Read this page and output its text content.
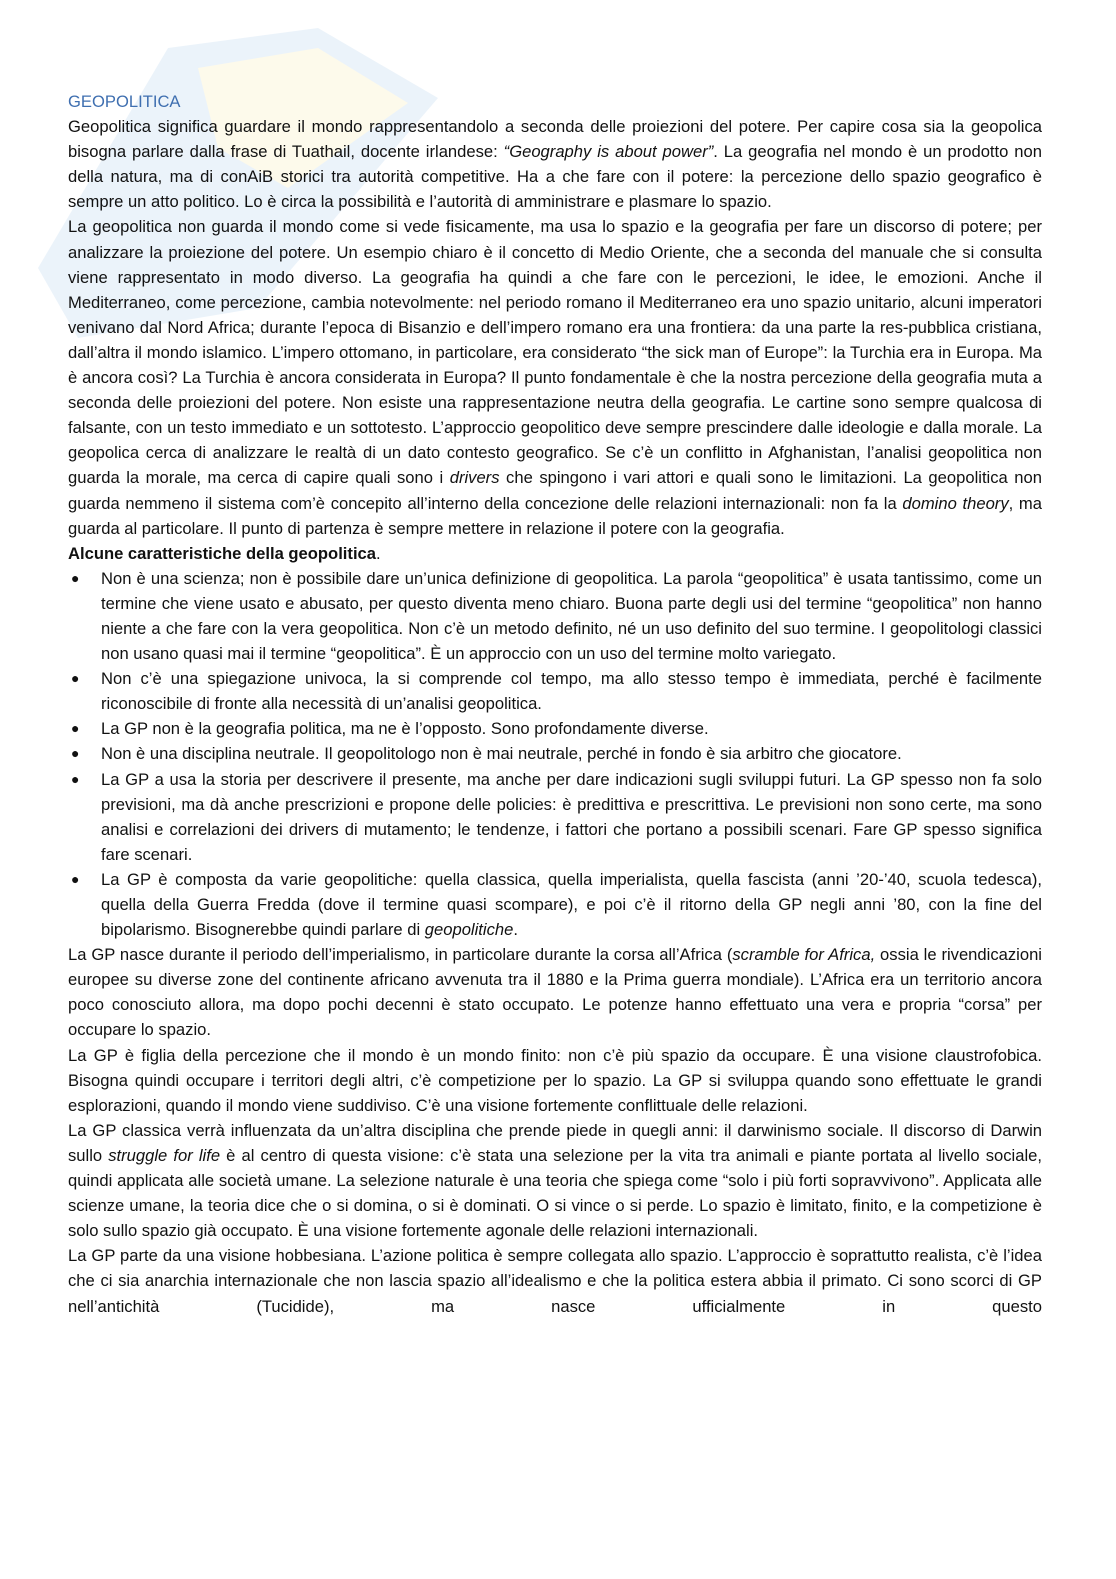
GEOPOLITICA

Geopolitica significa guardare il mondo rappresentandolo a seconda delle proiezioni del potere. Per capire cosa sia la geopolica bisogna parlare dalla frase di Tuathail, docente irlandese: “Geography is about power”. La geografia nel mondo è un prodotto non della natura, ma di conAiB storici tra autorità competitive. Ha a che fare con il potere: la percezione dello spazio geografico è sempre un atto politico. Lo è circa la possibilità e l’autorità di amministrare e plasmare lo spazio.

La geopolitica non guarda il mondo come si vede fisicamente, ma usa lo spazio e la geografia per fare un discorso di potere; per analizzare la proiezione del potere. Un esempio chiaro è il concetto di Medio Oriente, che a seconda del manuale che si consulta viene rappresentato in modo diverso. La geografia ha quindi a che fare con le percezioni, le idee, le emozioni. Anche il Mediterraneo, come percezione, cambia notevolmente: nel periodo romano il Mediterraneo era uno spazio unitario, alcuni imperatori venivano dal Nord Africa; durante l’epoca di Bisanzio e dell’impero romano era una frontiera: da una parte la res-pubblica cristiana, dall’altra il mondo islamico. L’impero ottomano, in particolare, era considerato “the sick man of Europe”: la Turchia era in Europa. Ma è ancora così? La Turchia è ancora considerata in Europa? Il punto fondamentale è che la nostra percezione della geografia muta a seconda delle proiezioni del potere. Non esiste una rappresentazione neutra della geografia. Le cartine sono sempre qualcosa di falsante, con un testo immediato e un sottotesto. L’approccio geopolitico deve sempre prescindere dalle ideologie e dalla morale. La geopolica cerca di analizzare le realtà di un dato contesto geografico. Se c’è un conflitto in Afghanistan, l’analisi geopolitica non guarda la morale, ma cerca di capire quali sono i drivers che spingono i vari attori e quali sono le limitazioni. La geopolitica non guarda nemmeno il sistema com’è concepito all’interno della concezione delle relazioni internazionali: non fa la domino theory, ma guarda al particolare. Il punto di partenza è sempre mettere in relazione il potere con la geografia.

Alcune caratteristiche della geopolitica.

● Non è una scienza; non è possibile dare un’unica definizione di geopolitica. La parola “geopolitica” è usata tantissimo, come un termine che viene usato e abusato, per questo diventa meno chiaro. Buona parte degli usi del termine “geopolitica” non hanno niente a che fare con la vera geopolitica. Non c’è un metodo definito, né un uso definito del suo termine. I geopolitologi classici non usano quasi mai il termine “geopolitica”. È un approccio con un uso del termine molto variegato.
● Non c’è una spiegazione univoca, la si comprende col tempo, ma allo stesso tempo è immediata, perché è facilmente riconoscibile di fronte alla necessità di un’analisi geopolitica.
● La GP non è la geografia politica, ma ne è l’opposto. Sono profondamente diverse.
● Non è una disciplina neutrale. Il geopolitologo non è mai neutrale, perché in fondo è sia arbitro che giocatore.
● La GP a usa la storia per descrivere il presente, ma anche per dare indicazioni sugli sviluppi futuri. La GP spesso non fa solo previsioni, ma dà anche prescrizioni e propone delle policies: è predittiva e prescrittiva. Le previsioni non sono certe, ma sono analisi e correlazioni dei drivers di mutamento; le tendenze, i fattori che portano a possibili scenari. Fare GP spesso significa fare scenari.
● La GP è composta da varie geopolitiche: quella classica, quella imperialista, quella fascista (anni ’20-’40, scuola tedesca), quella della Guerra Fredda (dove il termine quasi scompare), e poi c’è il ritorno della GP negli anni ’80, con la fine del bipolarismo. Bisognerebbe quindi parlare di geopolitiche.

La GP nasce durante il periodo dell’imperialismo, in particolare durante la corsa all’Africa (scramble for Africa, ossia le rivendicazioni europee su diverse zone del continente africano avvenuta tra il 1880 e la Prima guerra mondiale). L’Africa era un territorio ancora poco conosciuto allora, ma dopo pochi decenni è stato occupato. Le potenze hanno effettuato una vera e propria “corsa” per occupare lo spazio.

La GP è figlia della percezione che il mondo è un mondo finito: non c’è più spazio da occupare. È una visione claustrofobica. Bisogna quindi occupare i territori degli altri, c’è competizione per lo spazio. La GP si sviluppa quando sono effettuate le grandi esplorazioni, quando il mondo viene suddiviso. C’è una visione fortemente conflittuale delle relazioni.

La GP classica verrà influenzata da un’altra disciplina che prende piede in quegli anni: il darwinismo sociale. Il discorso di Darwin sullo struggle for life è al centro di questa visione: c’è stata una selezione per la vita tra animali e piante portata al livello sociale, quindi applicata alle società umane. La selezione naturale è una teoria che spiega come “solo i più forti sopravvivono”. Applicata alle scienze umane, la teoria dice che o si domina, o si è dominati. O si vince o si perde. Lo spazio è limitato, finito, e la competizione è solo sullo spazio già occupato. È una visione fortemente agonale delle relazioni internazionali.

La GP parte da una visione hobbesiana. L’azione politica è sempre collegata allo spazio. L’approccio è soprattutto realista, c’è l’idea che ci sia anarchia internazionale che non lascia spazio all’idealismo e che la politica estera abbia il primato. Ci sono scorci di GP nell’antichità (Tucidide), ma nasce ufficialmente in questo
